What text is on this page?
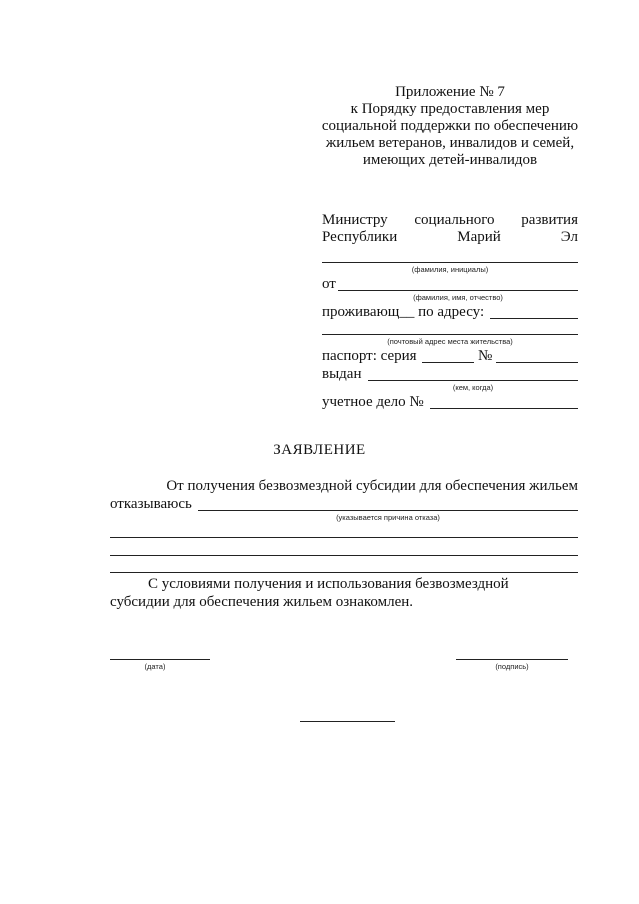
Приложение № 7
к Порядку предоставления мер
социальной поддержки по обеспечению
жильем ветеранов, инвалидов и семей,
имеющих детей-инвалидов
Министру социального развития
Республики	Марий	Эл
(фамилия, инициалы)
от
(фамилия, имя, отчество)
проживающ__ по адресу:
(почтовый адрес места жительства)
паспорт: серия	№
выдан
(кем, когда)
учетное дело №
ЗАЯВЛЕНИЕ
От получения безвозмездной субсидии для обеспечения жильем
отказываюсь
(указывается причина отказа)
С условиями получения и использования безвозмездной
субсидии для обеспечения жильем ознакомлен.
(дата)	(подпись)
